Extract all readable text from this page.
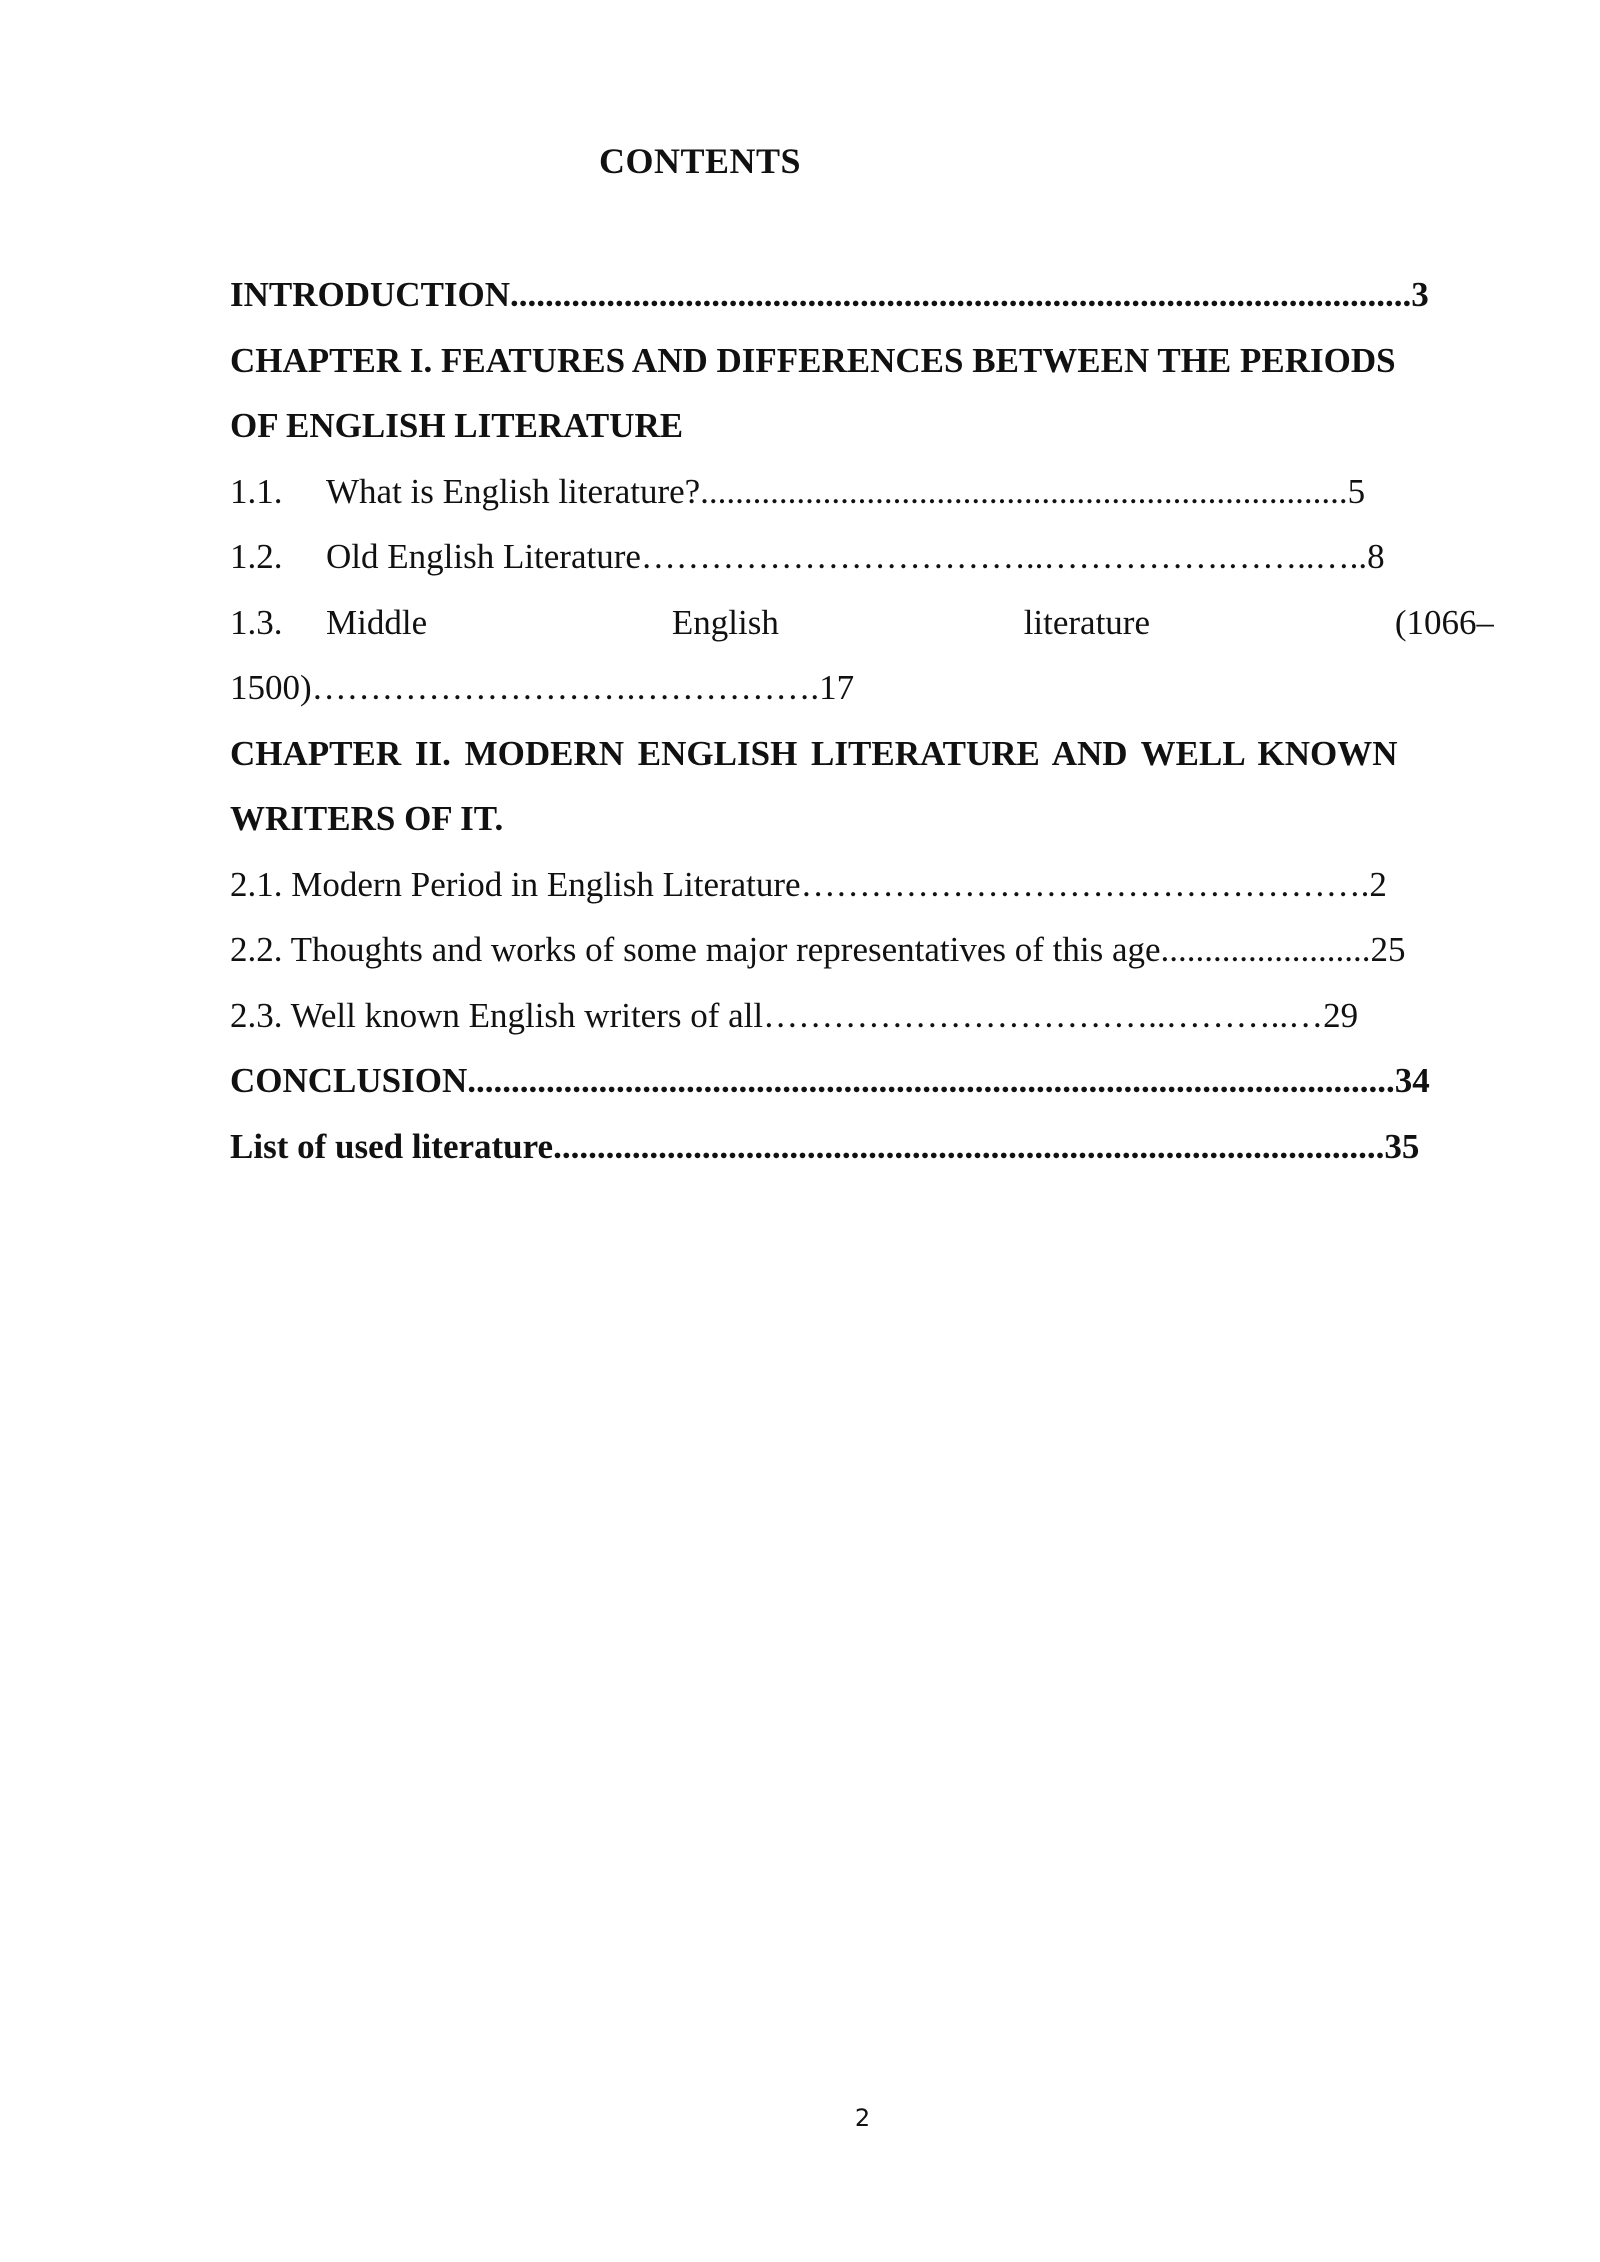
CONTENTS
INTRODUCTION.......................................................................................................3
CHAPTER I. FEATURES AND DIFFERENCES BETWEEN THE PERIODS
OF ENGLISH LITERATURE
1.1. What is English literature?..........................................................................5
1.2. Old English Literature……………………………..…………….……..…..8
1.3.	Middle	English	literature	(1066–
1500)……………………….…………….17
CHAPTER II. MODERN ENGLISH LITERATURE AND WELL KNOWN
WRITERS OF IT.
2.1. Modern Period in English Literature………………………………………….2
2.2. Thoughts and works of some major representatives of this age........................25
2.3. Well known English writers of all……………………………..………..…29
CONCLUSION..........................................................................................................34
List of used literature...............................................................................................35
2
